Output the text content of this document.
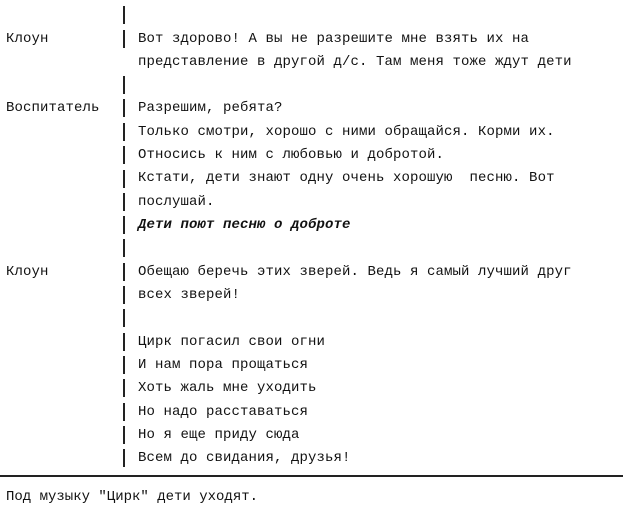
Клоун
Воспитатель
Клоун
Вот здорово! А вы не разрешите мне взять их на
представление в другой д/с. Там меня тоже ждут дети
Разрешим, ребята?
Только смотри, хорошо с ними обращайся. Корми их.
Относись к ним с любовью и добротой.
Кстати, дети знают одну очень хорошую  песню. Вот
послушай.
Дети поют песню о доброте
Обещаю беречь этих зверей. Ведь я самый лучший друг
всех зверей!
Цирк погасил свои огни
И нам пора прощаться
Хоть жаль мне уходить
Но надо расставаться
Но я еще приду сюда
Всем до свидания, друзья!
Под музыку "Цирк" дети уходят.
